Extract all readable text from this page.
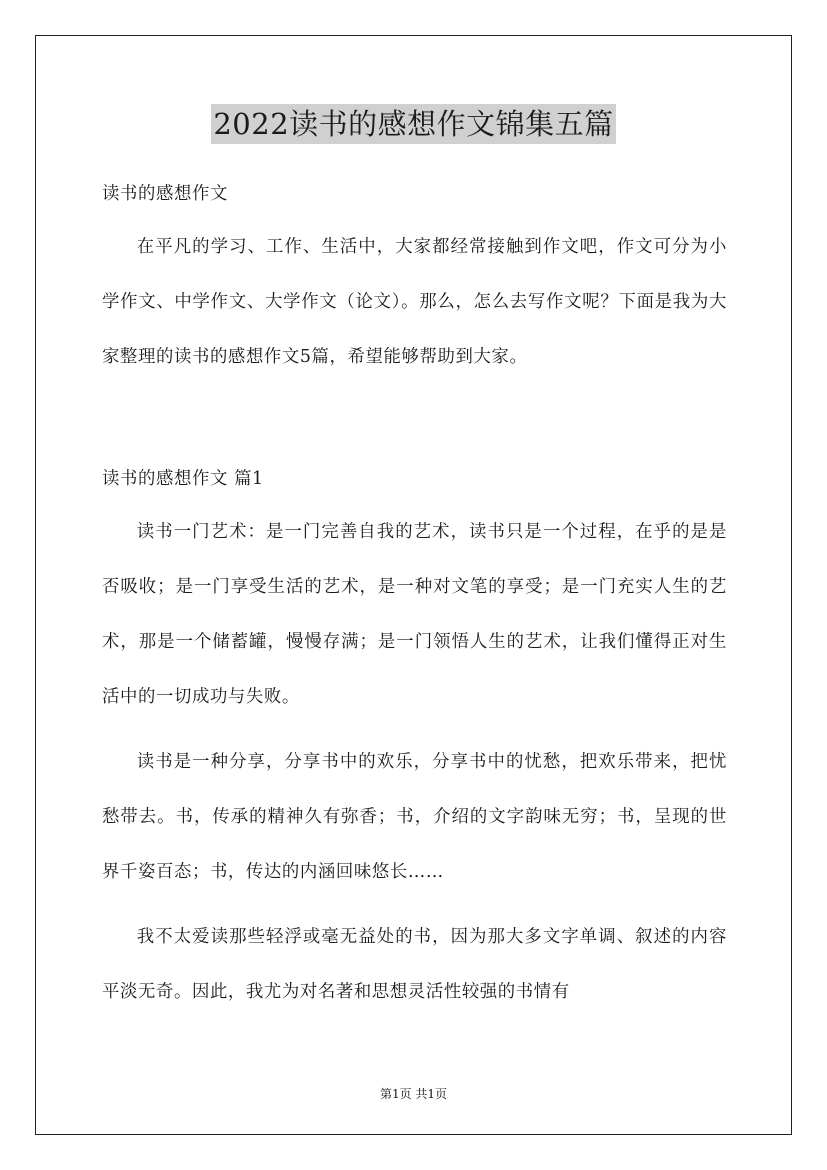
2022读书的感想作文锦集五篇
读书的感想作文

在平凡的学习、工作、生活中，大家都经常接触到作文吧，作文可分为小学作文、中学作文、大学作文（论文）。那么，怎么去写作文呢？下面是我为大家整理的读书的感想作文5篇，希望能够帮助到大家。

读书的感想作文 篇1

读书一门艺术：是一门完善自我的艺术，读书只是一个过程，在乎的是是否吸收；是一门享受生活的艺术，是一种对文笔的享受；是一门充实人生的艺术，那是一个储蓄罐，慢慢存满；是一门领悟人生的艺术，让我们懂得正对生活中的一切成功与失败。

读书是一种分享，分享书中的欢乐，分享书中的忧愁，把欢乐带来，把忧愁带去。书，传承的精神久有弥香；书，介绍的文字韵味无穷；书，呈现的世界千姿百态；书，传达的内涵回味悠长……

我不太爱读那些轻浮或毫无益处的书，因为那大多文字单调、叙述的内容平淡无奇。因此，我尤为对名著和思想灵活性较强的书情有

第1页 共1页
